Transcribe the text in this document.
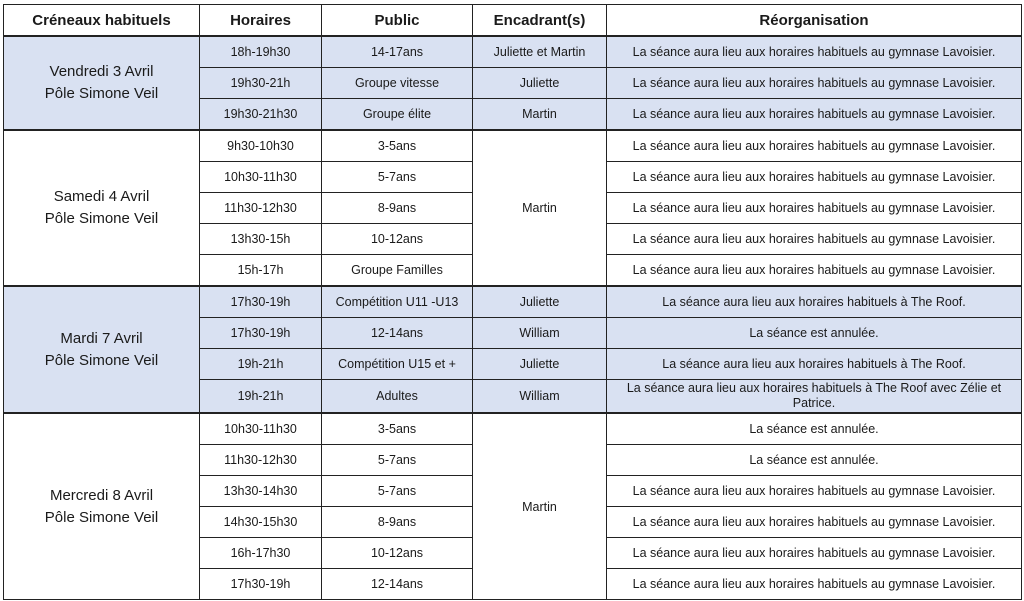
Créneaux habituels	Horaires	Public	Encadrant(s)	Réorganisation

Vendredi 3 Avril
Pôle Simone Veil	18h-19h30	14-17ans	Juliette et Martin	La séance aura lieu aux horaires habituels au gymnase Lavoisier.
	19h30-21h	Groupe vitesse	Juliette	La séance aura lieu aux horaires habituels au gymnase Lavoisier.
	19h30-21h30	Groupe élite	Martin	La séance aura lieu aux horaires habituels au gymnase Lavoisier.

Samedi 4 Avril
Pôle Simone Veil	9h30-10h30	3-5ans	Martin	La séance aura lieu aux horaires habituels au gymnase Lavoisier.
	10h30-11h30	5-7ans		La séance aura lieu aux horaires habituels au gymnase Lavoisier.
	11h30-12h30	8-9ans		La séance aura lieu aux horaires habituels au gymnase Lavoisier.
	13h30-15h	10-12ans		La séance aura lieu aux horaires habituels au gymnase Lavoisier.
	15h-17h	Groupe Familles		La séance aura lieu aux horaires habituels au gymnase Lavoisier.

Mardi 7 Avril
Pôle Simone Veil	17h30-19h	Compétition U11 -U13	Juliette	La séance aura lieu aux horaires habituels à The Roof.
	17h30-19h	12-14ans	William	La séance est annulée.
	19h-21h	Compétition U15 et +	Juliette	La séance aura lieu aux horaires habituels à The Roof.
	19h-21h	Adultes	William	La séance aura lieu aux horaires habituels à The Roof avec Zélie et
Patrice.

Mercredi 8 Avril
Pôle Simone Veil	10h30-11h30	3-5ans	Martin	La séance est annulée.
	11h30-12h30	5-7ans		La séance est annulée.
	13h30-14h30	5-7ans		La séance aura lieu aux horaires habituels au gymnase Lavoisier.
	14h30-15h30	8-9ans		La séance aura lieu aux horaires habituels au gymnase Lavoisier.
	16h-17h30	10-12ans		La séance aura lieu aux horaires habituels au gymnase Lavoisier.
	17h30-19h	12-14ans		La séance aura lieu aux horaires habituels au gymnase Lavoisier.
